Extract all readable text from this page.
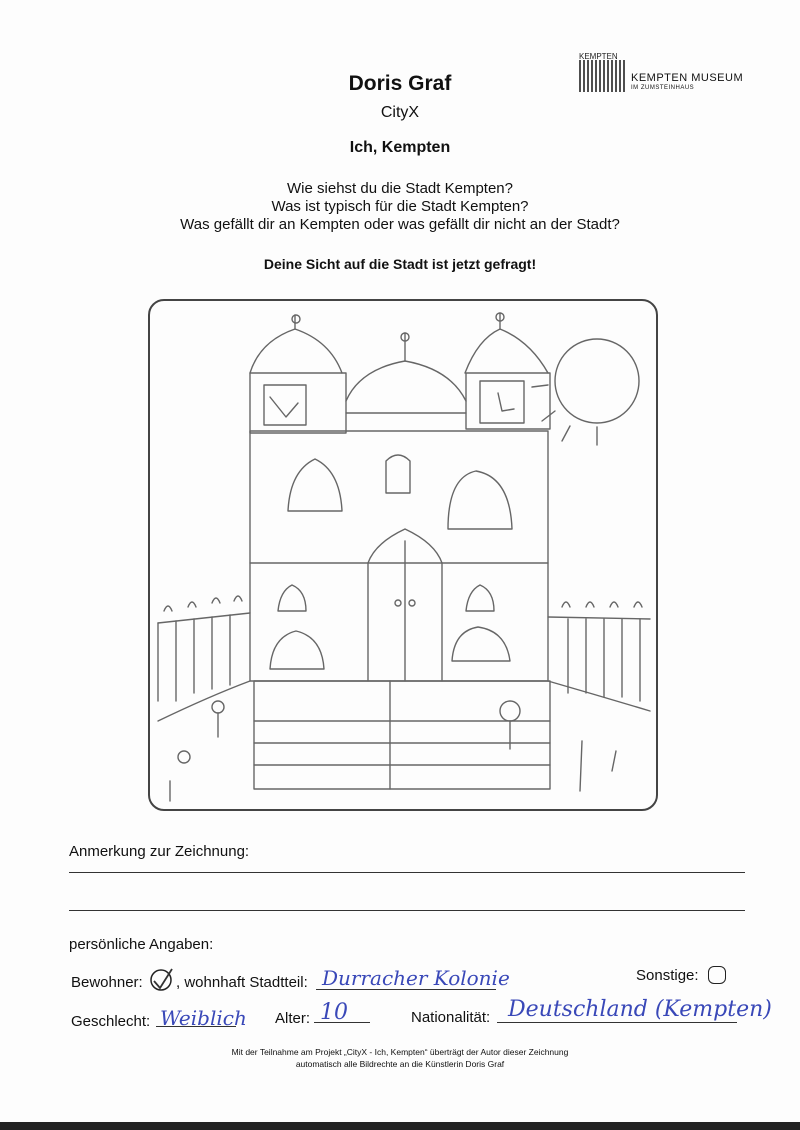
KEMPTEN
KEMPTEN MUSEUM
IM ZUMSTEINHAUS
Doris Graf
CityX
Ich, Kempten
Wie siehst du die Stadt Kempten?
Was ist typisch für die Stadt Kempten?
Was gefällt dir an Kempten oder was gefällt dir nicht an der Stadt?
Deine Sicht auf die Stadt ist jetzt gefragt!
Anmerkung zur Zeichnung:
persönliche Angaben:
Bewohner: , wohnhaft Stadtteil: Durracher Kolonie	Sonstige:
Geschlecht: Weiblich Alter: 10	Nationalität: Deutschland (Kempten)
Mit der Teilnahme am Projekt „CityX - Ich, Kempten“ überträgt der Autor dieser Zeichnung
automatisch alle Bildrechte an die Künstlerin Doris Graf
